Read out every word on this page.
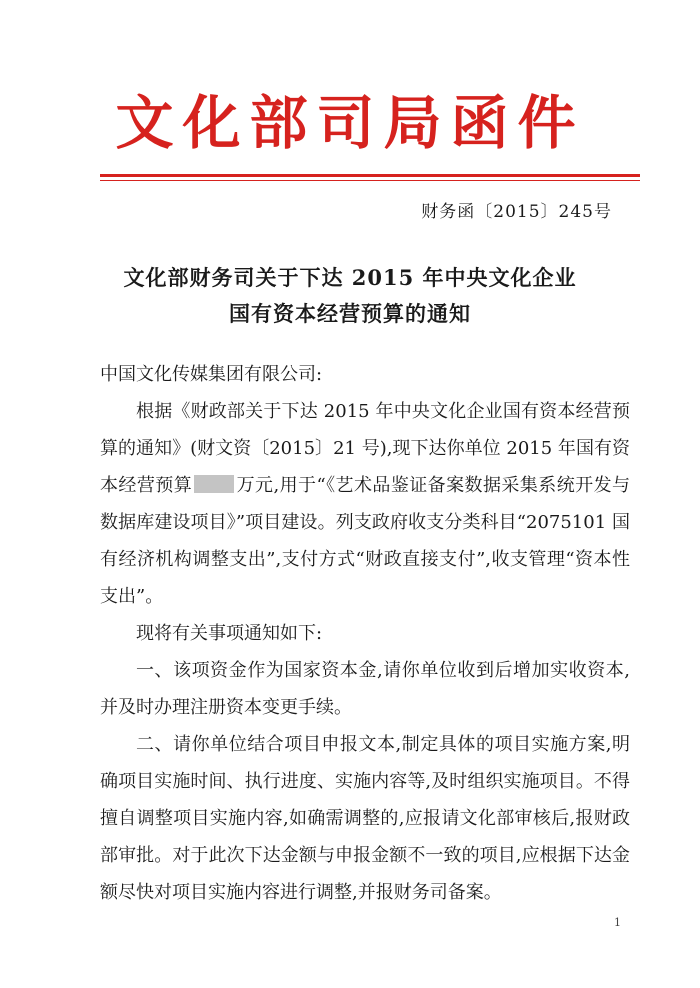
文化部司局函件
财务函〔2015〕245号
文化部财务司关于下达 2015 年中央文化企业
国有资本经营预算的通知

中国文化传媒集团有限公司:

根据《财政部关于下达 2015 年中央文化企业国有资本经营预算的通知》(财文资〔2015〕21 号),现下达你单位 2015 年国有资本经营预算 万元,用于“《艺术品鉴证备案数据采集系统开发与数据库建设项目》”项目建设。列支政府收支分类科目“2075101 国有经济机构调整支出”,支付方式“财政直接支付”,收支管理“资本性支出”。

现将有关事项通知如下:

一、该项资金作为国家资本金,请你单位收到后增加实收资本,并及时办理注册资本变更手续。

二、请你单位结合项目申报文本,制定具体的项目实施方案,明确项目实施时间、执行进度、实施内容等,及时组织实施项目。不得擅自调整项目实施内容,如确需调整的,应报请文化部审核后,报财政部审批。对于此次下达金额与申报金额不一致的项目,应根据下达金额尽快对项目实施内容进行调整,并报财务司备案。

1
